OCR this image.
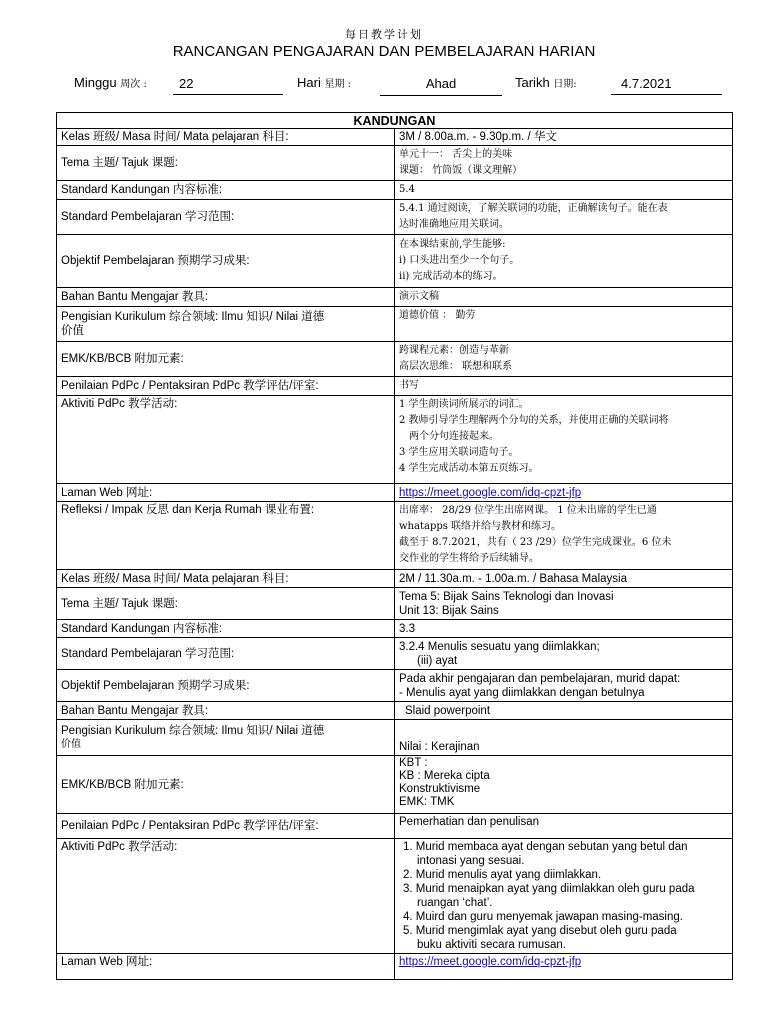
每日教学计划
RANCANGAN PENGAJARAN DAN PEMBELAJARAN HARIAN
Minggu 周次 :	22	Hari 星期 :	Ahad	Tarikh 日期:	4.7.2021
KANDUNGAN	
Kelas 班级/ Masa 时间/ Mata pelajaran 科目:	3M / 8.00a.m. - 9.30p.m. / 华文
Tema 主题/ Tajuk 课题:	单元十一： 舌尖上的美味
课题： 竹筒饭（课文理解）

Standard Kandungan 内容标准:	5.4
Standard Pembelajaran 学习范围:	5.4.1 通过阅读，了解关联词的功能，正确解读句子。能在表
达时准确地应用关联词。

Objektif Pembelajaran 预期学习成果:	在本课结束前,学生能够:
i) 口头进出至少一个句子。
ii) 完成活动本的练习。

Bahan Bantu Mengajar 教具:	演示文稿

Pengisian Kurikulum 综合领域: Ilmu 知识/ Nilai 道德
价值	道德价值 ： 勤劳
EMK/KB/BCB 附加元素:	跨课程元素：创造与革新
高层次思维： 联想和联系

Penilaian PdPc / Pentaksiran PdPc 教学评估/评室:	书写
Aktiviti PdPc 教学活动:	1 学生朗读词所展示的词汇。
2 教师引导学生理解两个分句的关系，并使用正确的关联词将
两个分句连接起来。
3 学生应用关联词造句子。
4 学生完成活动本第五页练习。

Laman Web 网址:	https://meet.google.com/idq-cpzt-jfp
Refleksi / Impak 反思 dan Kerja Rumah 课业布置:	出席率： 28/29 位学生出席网课。 1 位未出席的学生已通
whatapps 联络并给与教材和练习。
截至于 8.7.2021，共有（ 23 /29）位学生完成课业。6 位未
交作业的学生将给予后续辅导。

Kelas 班级/ Masa 时间/ Mata pelajaran 科目:	2M / 11.30a.m. - 1.00a.m. / Bahasa Malaysia
Tema 主题/ Tajuk 课题:	Tema 5: Bijak Sains Teknologi dan Inovasi
Unit 13: Bijak Sains

Standard Kandungan 内容标准:	3.3
Standard Pembelajaran 学习范围:	3.2.4 Menulis sesuatu yang diimlakkan;
(iii) ayat

Objektif Pembelajaran 预期学习成果:	Pada akhir pengajaran dan pembelajaran, murid dapat:
- Menulis ayat yang diimlakkan dengan betulnya

Bahan Bantu Mengajar 教具:	Slaid powerpoint

Pengisian Kurikulum 综合领域: Ilmu 知识/ Nilai 道德
价值	Nilai : Kerajinan
EMK/KB/BCB 附加元素:	KBT :
KB : Mereka cipta
Konstruktivisme
EMK: TMK

Penilaian PdPc / Pentaksiran PdPc 教学评估/评室:	Pemerhatian dan penulisan
Aktiviti PdPc 教学活动:	1. Murid membaca ayat dengan sebutan yang betul dan intonasi yang sesuai.
2. Murid menulis ayat yang diimlakkan.
3. Murid menaipkan ayat yang diimlakkan oleh guru pada ruangan ‘chat’.
4. Muird dan guru menyemak jawapan masing-masing.
5. Murid mengimlak ayat yang disebut oleh guru pada buku aktiviti secara rumusan.

Laman Web 网址:	https://meet.google.com/idq-cpzt-jfp
